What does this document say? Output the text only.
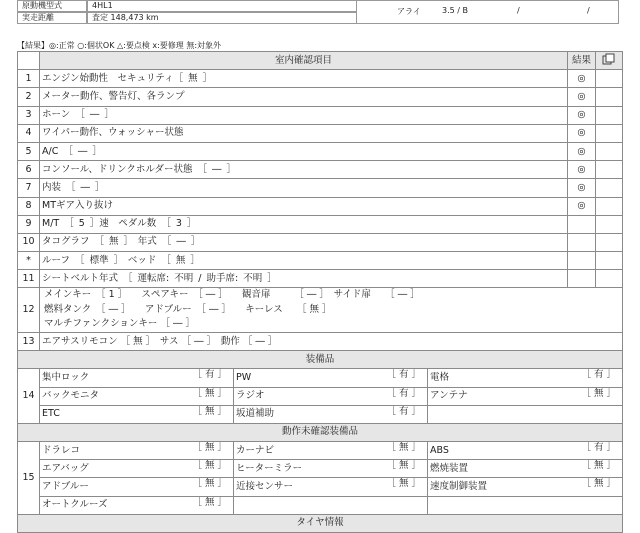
原動機型式	4HL1
実走距離	査定 148,473 km
アライ	3.5 / B	/	/
【結果】◎:正常 ○:個状OK △:要点検 x:要修理 無:対象外
	室内確認項目			結果	
1	エンジン始動性　セキュリティ［ 無 ］			◎	
2	メーター動作、警告灯、各ランプ			◎	
3	ホーン ［ ― ］			◎	
4	ワイパー動作、ウォッシャー状態			◎	
5	A/C ［ ― ］			◎	
6	コンソール、ドリンクホルダー状態 ［ ― ］			◎	
7	内装 ［ ― ］			◎	
8	MTギア入り抜け			◎	
9	M/T ［ 5 ］速　ペダル数 ［ 3 ］				
10	タコグラフ ［ 無 ］　年式 ［ ― ］				
*	ルーフ ［ 標準 ］　ベッド ［ 無 ］				
11	シートベルト年式 ［ 運転席: 不明 / 助手席: 不明 ］				
12	メインキー　［ 1 ］　　スペアキー　［ ― ］　　観音扉　　　［ ― ］　サイド扉　　［ ― ］
燃料タンク　［ ― ］　　アドブルー　［ ― ］　　キーレス　　［ 無 ］
マルチファンクションキー ［ ― ］				

13	エアサスリモコン ［ 無 ］　サス ［ ― ］　動作 ［ ― ］				
装備品					
14	集中ロック ［ 有 ］	PW ［ 有 ］	電格 ［ 有 ］		

	バックモニタ ［ 無 ］	ラジオ ［ 有 ］	アンテナ ［ 無 ］		

	ETC ［ 無 ］	坂道補助 ［ 有 ］			

動作未確認装備品					
15	ドラレコ ［ 無 ］	カーナビ ［ 無 ］	ABS ［ 有 ］		

	エアバッグ ［ 無 ］	ヒーターミラー ［ 無 ］	燃焼装置 ［ 無 ］		

	アドブルー ［ 無 ］	近接センサー ［ 無 ］	速度制御装置 ［ 無 ］		

	オートクルーズ ［ 無 ］				

タイヤ情報					
